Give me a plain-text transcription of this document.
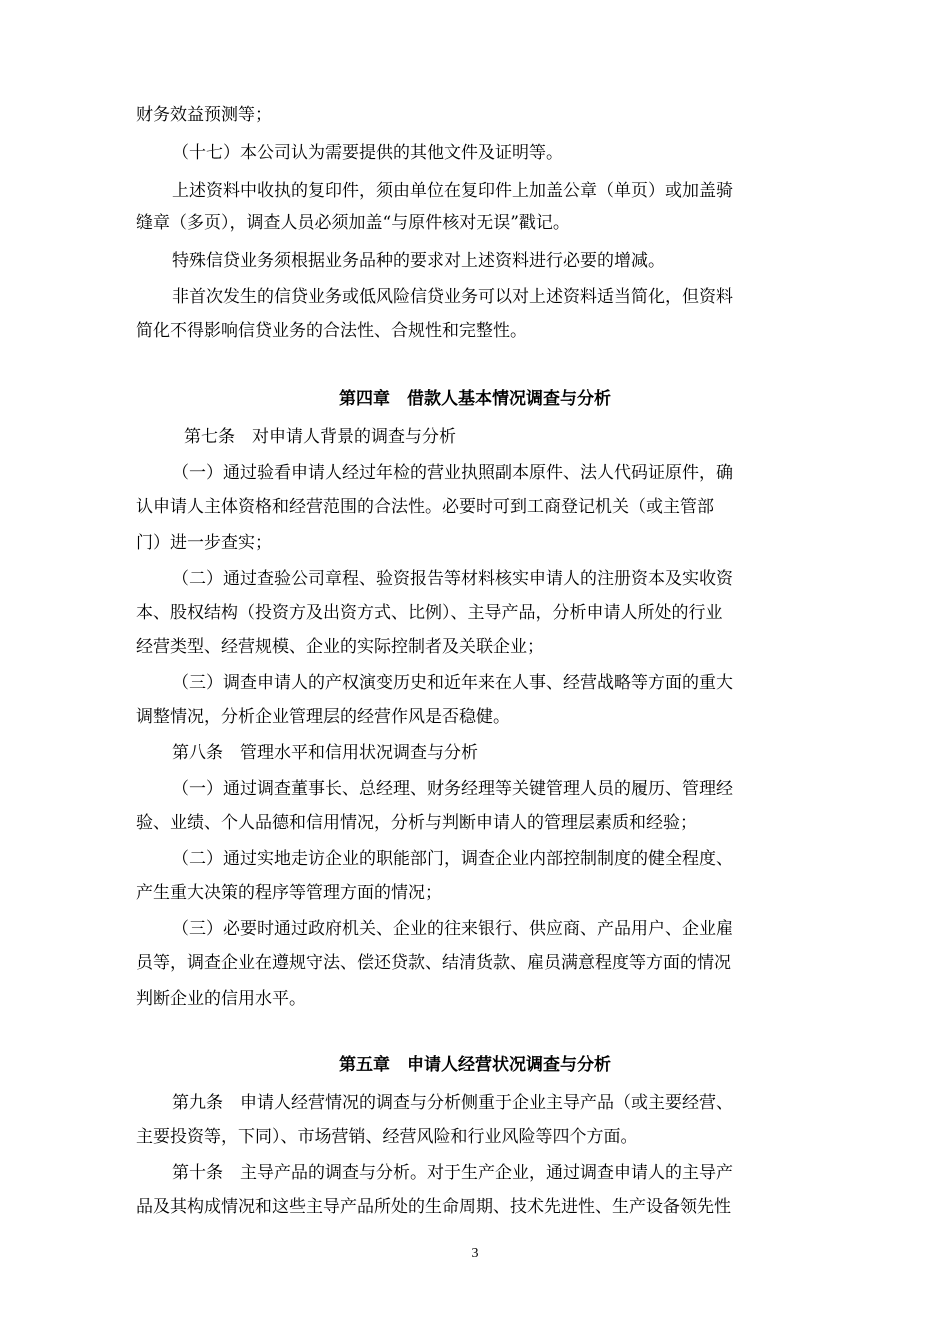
财务效益预测等；
（十七）本公司认为需要提供的其他文件及证明等。
上述资料中收执的复印件，须由单位在复印件上加盖公章（单页）或加盖骑
缝章（多页），调查人员必须加盖“与原件核对无误”戳记。
特殊信贷业务须根据业务品种的要求对上述资料进行必要的增减。
非首次发生的信贷业务或低风险信贷业务可以对上述资料适当简化，但资料
简化不得影响信贷业务的合法性、合规性和完整性。
第四章　借款人基本情况调查与分析
第七条　对申请人背景的调查与分析
（一）通过验看申请人经过年检的营业执照副本原件、法人代码证原件，确
认申请人主体资格和经营范围的合法性。必要时可到工商登记机关（或主管部
门）进一步查实；
（二）通过查验公司章程、验资报告等材料核实申请人的注册资本及实收资
本、股权结构（投资方及出资方式、比例）、主导产品，分析申请人所处的行业
经营类型、经营规模、企业的实际控制者及关联企业；
（三）调查申请人的产权演变历史和近年来在人事、经营战略等方面的重大
调整情况，分析企业管理层的经营作风是否稳健。
第八条　管理水平和信用状况调查与分析
（一）通过调查董事长、总经理、财务经理等关键管理人员的履历、管理经
验、业绩、个人品德和信用情况，分析与判断申请人的管理层素质和经验；
（二）通过实地走访企业的职能部门，调查企业内部控制制度的健全程度、
产生重大决策的程序等管理方面的情况；
（三）必要时通过政府机关、企业的往来银行、供应商、产品用户、企业雇
员等，调查企业在遵规守法、偿还贷款、结清货款、雇员满意程度等方面的情况
判断企业的信用水平。
第五章　申请人经营状况调查与分析
第九条　申请人经营情况的调查与分析侧重于企业主导产品（或主要经营、
主要投资等，下同）、市场营销、经营风险和行业风险等四个方面。
第十条　主导产品的调查与分析。对于生产企业，通过调查申请人的主导产
品及其构成情况和这些主导产品所处的生命周期、技术先进性、生产设备领先性
3
